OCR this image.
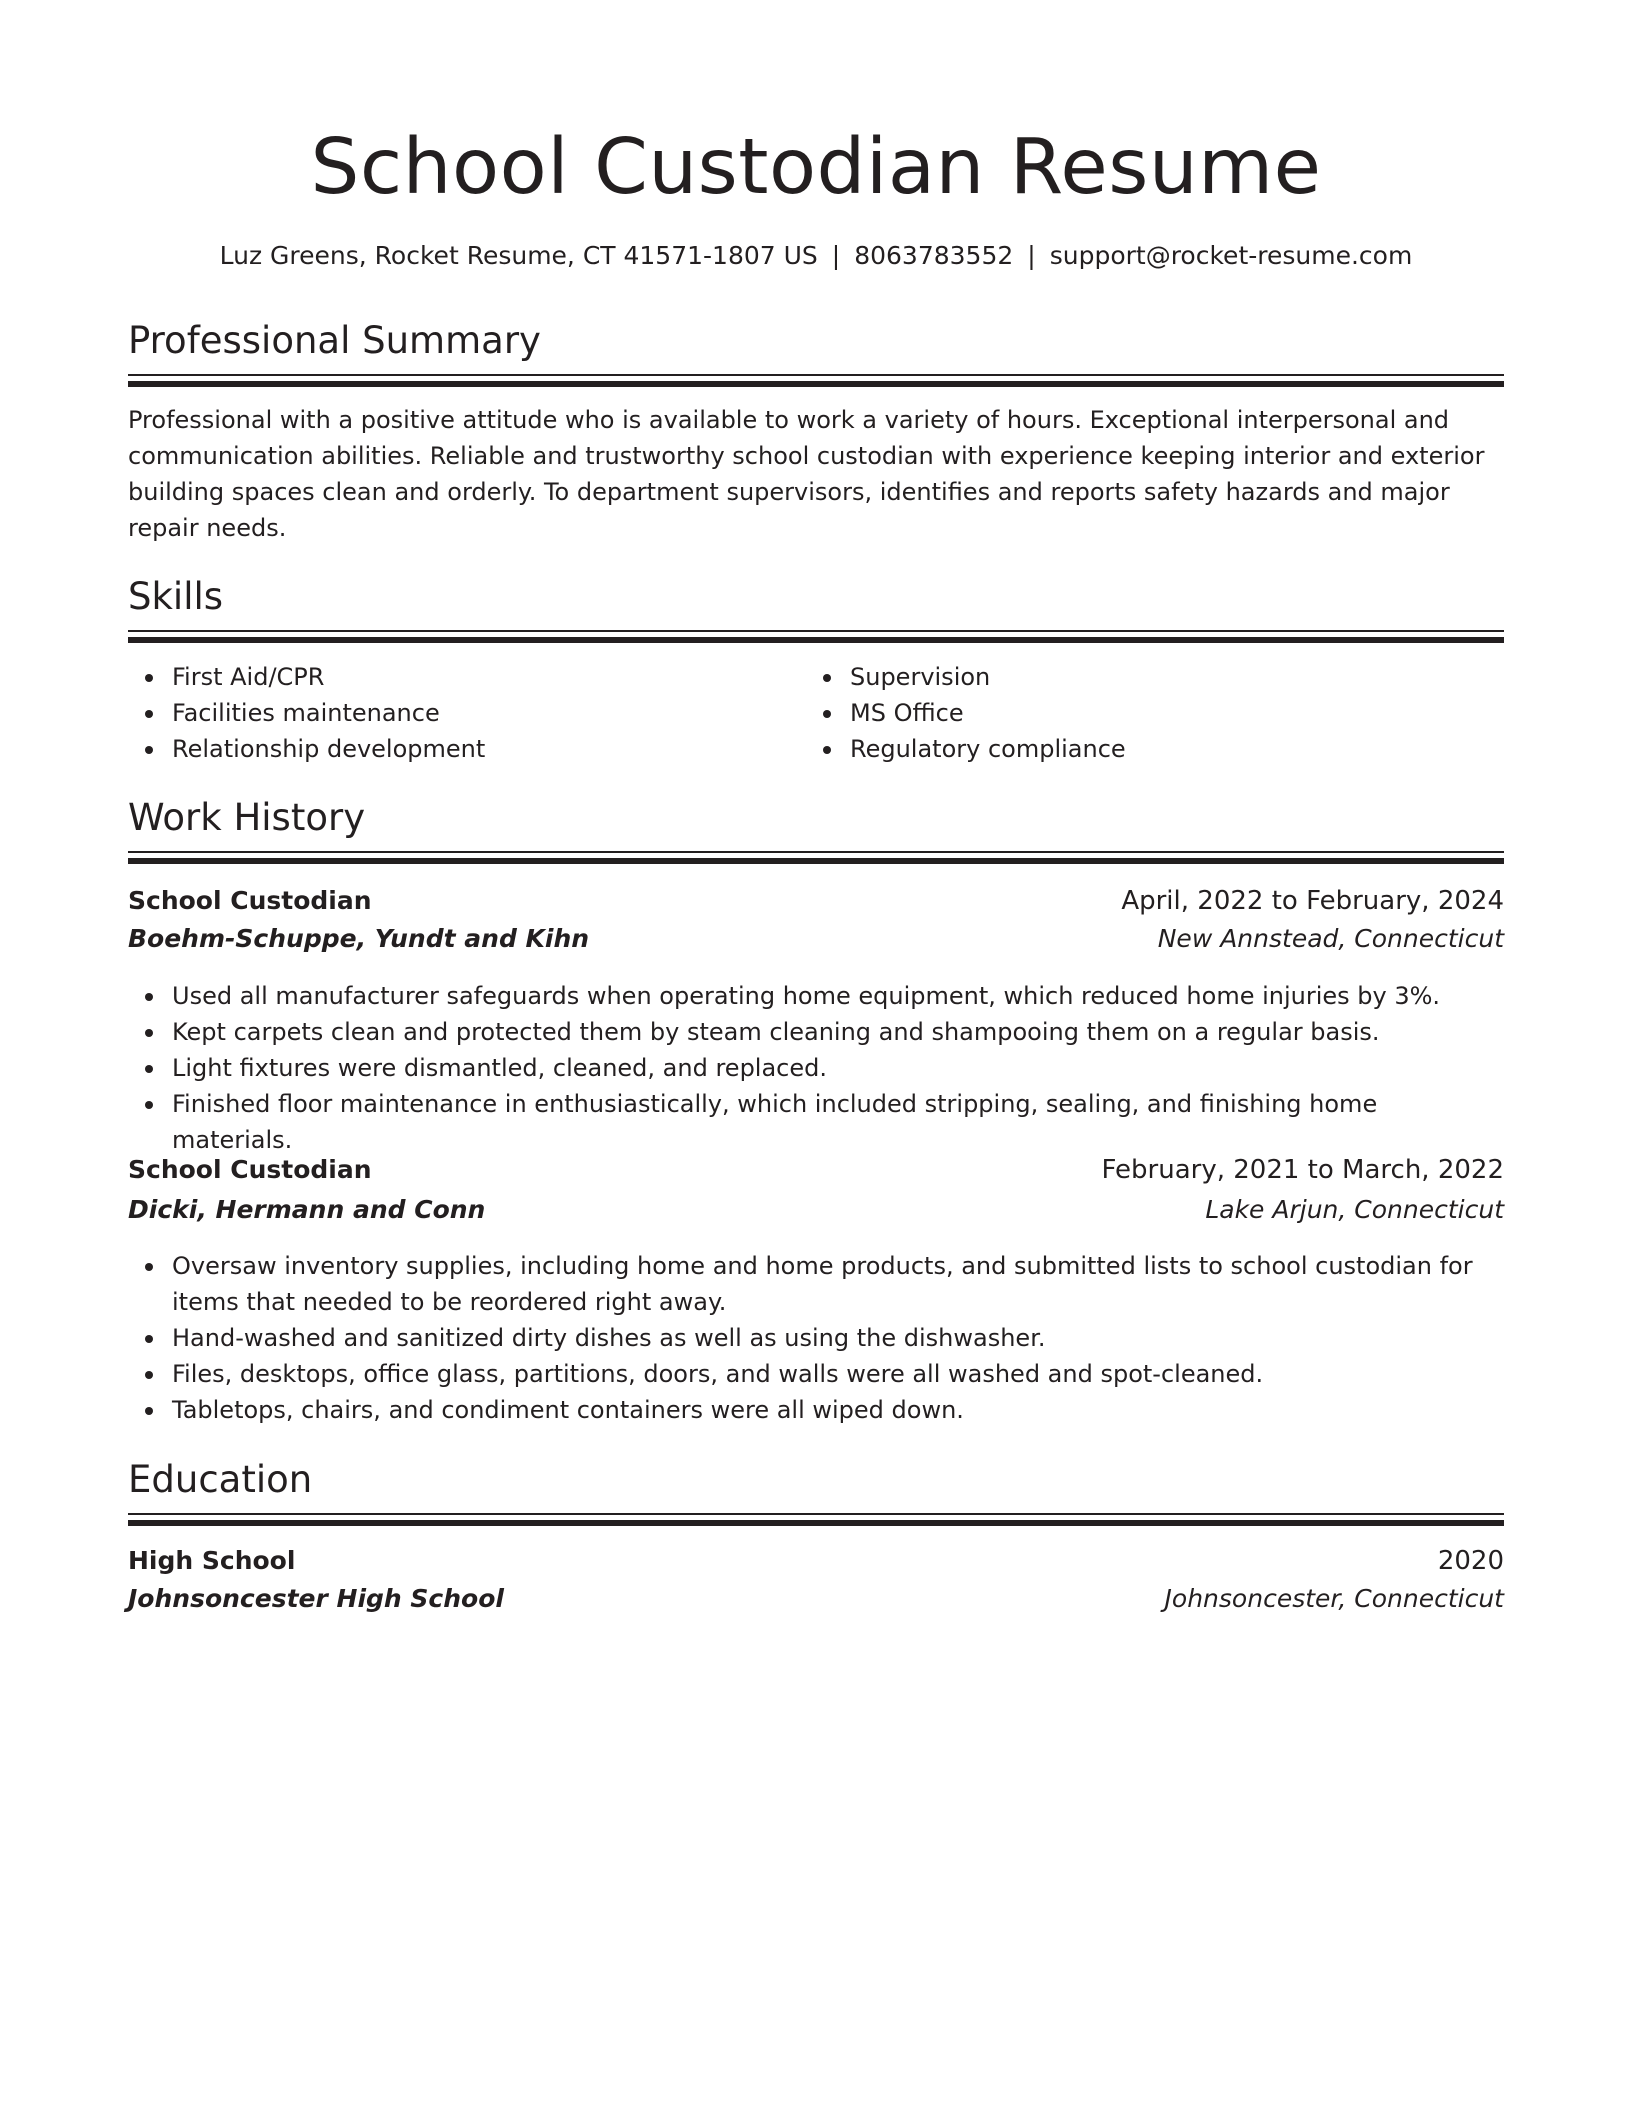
School Custodian Resume
Luz Greens, Rocket Resume, CT 41571-1807 US | 8063783552 | support@rocket-resume.com
Professional Summary
Professional with a positive attitude who is available to work a variety of hours. Exceptional interpersonal and communication abilities. Reliable and trustworthy school custodian with experience keeping interior and exterior building spaces clean and orderly. To department supervisors, identifies and reports safety hazards and major repair needs.
Skills
First Aid/CPR
Facilities maintenance
Relationship development
Supervision
MS Office
Regulatory compliance
Work History
School Custodian	April, 2022 to February, 2024
Boehm-Schuppe, Yundt and Kihn	New Annstead, Connecticut
Used all manufacturer safeguards when operating home equipment, which reduced home injuries by 3%.
Kept carpets clean and protected them by steam cleaning and shampooing them on a regular basis.
Light fixtures were dismantled, cleaned, and replaced.
Finished floor maintenance in enthusiastically, which included stripping, sealing, and finishing home materials.
School Custodian	February, 2021 to March, 2022
Dicki, Hermann and Conn	Lake Arjun, Connecticut
Oversaw inventory supplies, including home and home products, and submitted lists to school custodian for items that needed to be reordered right away.
Hand-washed and sanitized dirty dishes as well as using the dishwasher.
Files, desktops, office glass, partitions, doors, and walls were all washed and spot-cleaned.
Tabletops, chairs, and condiment containers were all wiped down.
Education
High School	2020
Johnsoncester High School	Johnsoncester, Connecticut
